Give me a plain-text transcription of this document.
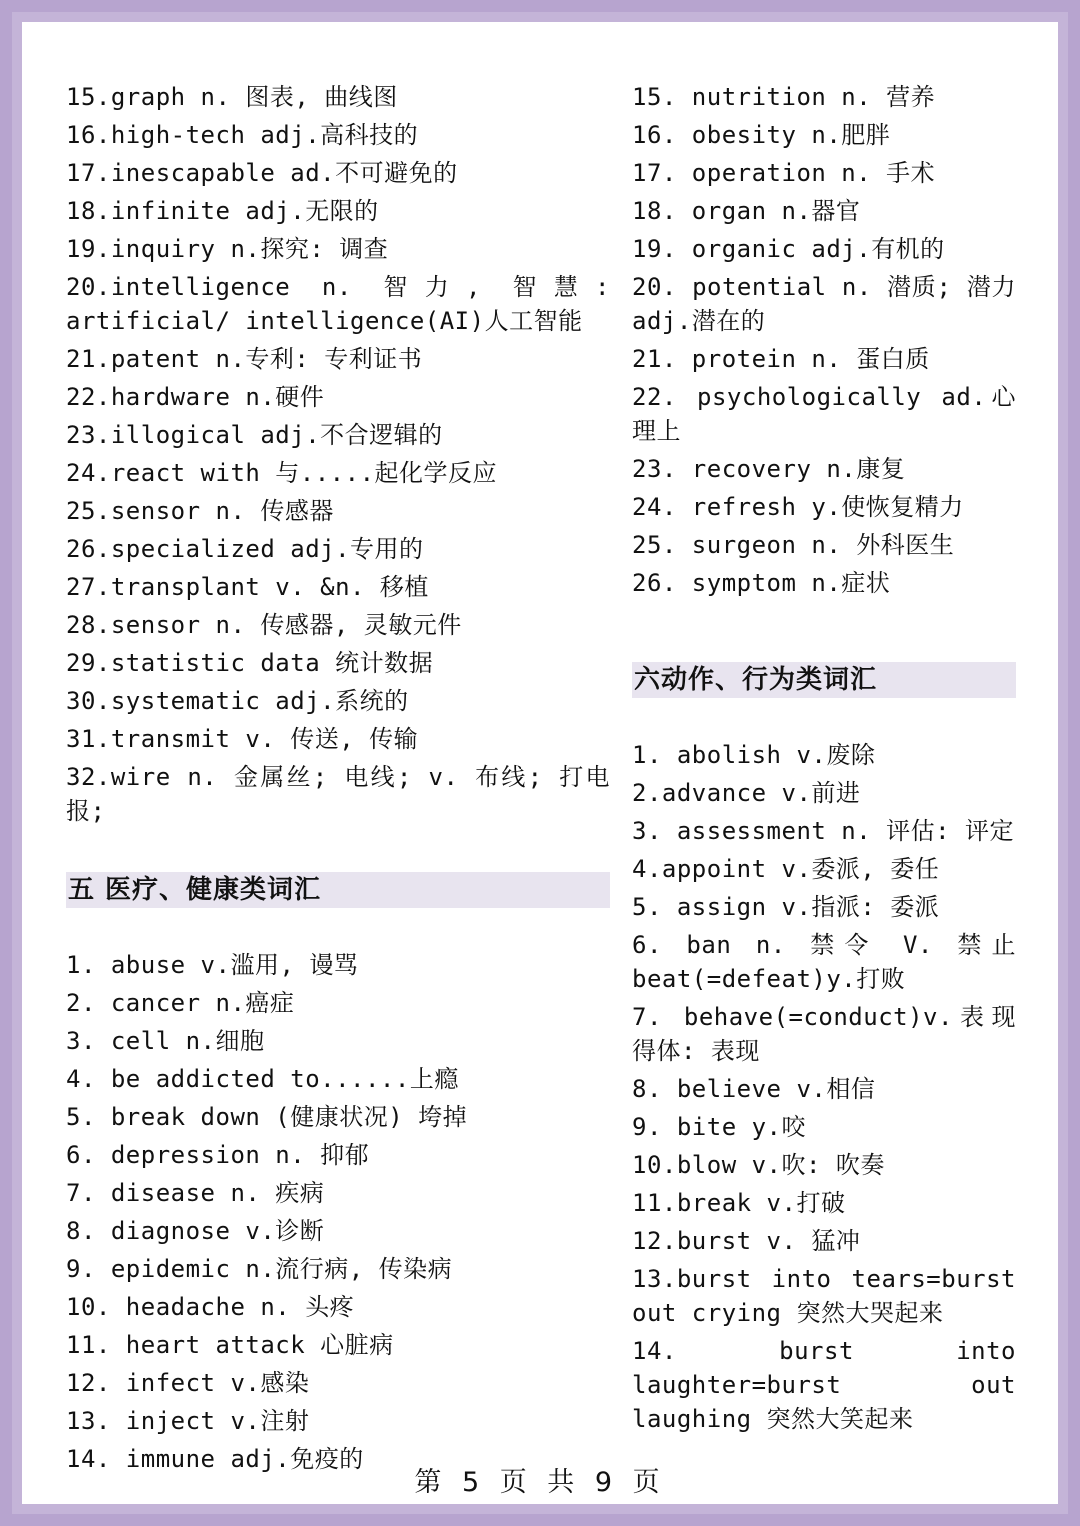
15.graph n. 图表, 曲线图
16.high-tech adj.高科技的
17.inescapable ad.不可避免的
18.infinite adj.无限的
19.inquiry n.探究: 调查
20.intelligence n. 智力, 智慧: artificial/ intelligence(AI)人工智能
21.patent n.专利: 专利证书
22.hardware n.硬件
23.illogical adj.不合逻辑的
24.react with 与.....起化学反应
25.sensor n. 传感器
26.specialized adj.专用的
27.transplant v. &n. 移植
28.sensor n. 传感器, 灵敏元件
29.statistic data 统计数据
30.systematic adj.系统的
31.transmit v. 传送, 传输
32.wire n. 金属丝; 电线; v. 布线; 打电报;
五 医疗、健康类词汇
1. abuse v.滥用, 谩骂
2. cancer n.癌症
3. cell n.细胞
4. be addicted to......上瘾
5. break down (健康状况) 垮掉
6. depression n. 抑郁
7. disease n. 疾病
8. diagnose v.诊断
9. epidemic n.流行病, 传染病
10. headache n. 头疼
11. heart attack 心脏病
12. infect v.感染
13. inject v.注射
14. immune adj.免疫的
15. nutrition n. 营养
16. obesity n.肥胖
17. operation n. 手术
18. organ n.器官
19. organic adj.有机的
20. potential n. 潜质; 潜力 adj.潜在的
21. protein n. 蛋白质
22. psychologically ad.心理上
23. recovery n.康复
24. refresh y.使恢复精力
25. surgeon n. 外科医生
26. symptom n.症状
六动作、行为类词汇
1. abolish v.废除
2.advance v.前进
3. assessment n. 评估: 评定
4.appoint v.委派, 委任
5. assign v.指派: 委派
6. ban n. 禁令 V. 禁止 beat(=defeat)y.打败
7. behave(=conduct)v.表现得体: 表现
8. believe v.相信
9. bite y.咬
10.blow v.吹: 吹奏
11.break v.打破
12.burst v. 猛冲
13.burst into tears=burst out crying 突然大哭起来
14. burst into laughter=burst out laughing 突然大笑起来
第 5 页 共 9 页
